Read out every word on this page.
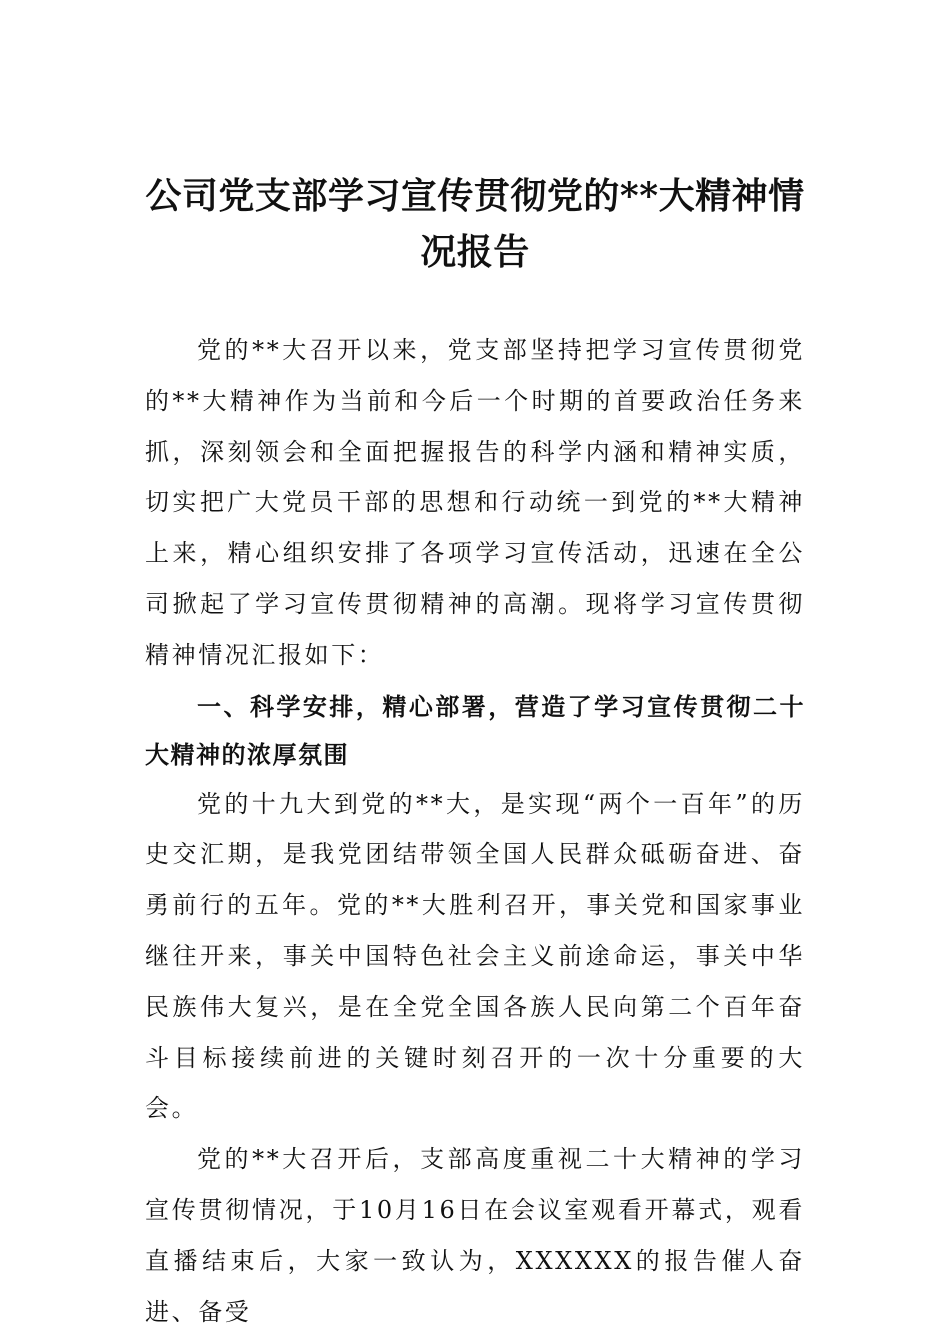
公司党支部学习宣传贯彻党的**大精神情况报告

党的**大召开以来，党支部坚持把学习宣传贯彻党的**大精神作为当前和今后一个时期的首要政治任务来抓，深刻领会和全面把握报告的科学内涵和精神实质，切实把广大党员干部的思想和行动统一到党的**大精神上来，精心组织安排了各项学习宣传活动，迅速在全公司掀起了学习宣传贯彻精神的高潮。现将学习宣传贯彻精神情况汇报如下：

一、科学安排，精心部署，营造了学习宣传贯彻二十大精神的浓厚氛围

党的十九大到党的**大，是实现“两个一百年”的历史交汇期，是我党团结带领全国人民群众砥砺奋进、奋勇前行的五年。党的**大胜利召开，事关党和国家事业继往开来，事关中国特色社会主义前途命运，事关中华民族伟大复兴，是在全党全国各族人民向第二个百年奋斗目标接续前进的关键时刻召开的一次十分重要的大会。

党的**大召开后，支部高度重视二十大精神的学习宣传贯彻情况，于10月16日在会议室观看开幕式，观看直播结束后，大家一致认为，XXXXXX的报告催人奋进、备受
